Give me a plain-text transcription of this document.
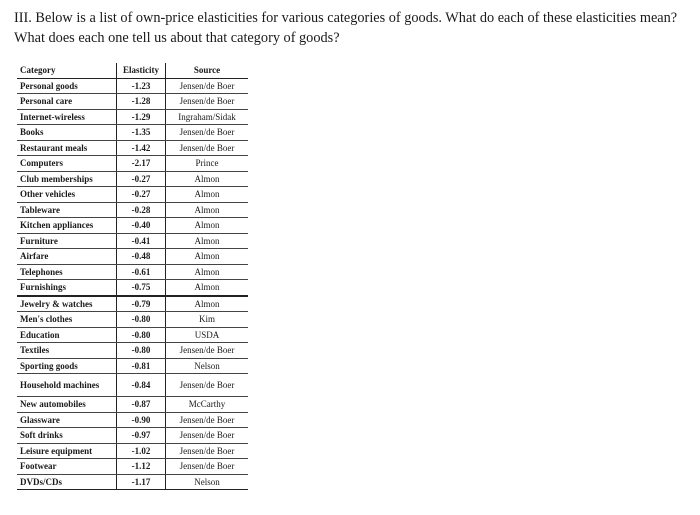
III. Below is a list of own-price elasticities for various categories of goods. What do each of these elasticities mean? What does each one tell us about that category of goods?

Category	Elasticity	Source
Personal goods	-1.23	Jensen/de Boer
Personal care	-1.28	Jensen/de Boer
Internet-wireless	-1.29	Ingraham/Sidak
Books	-1.35	Jensen/de Boer
Restaurant meals	-1.42	Jensen/de Boer
Computers	-2.17	Prince
Club memberships	-0.27	Almon
Other vehicles	-0.27	Almon
Tableware	-0.28	Almon
Kitchen appliances	-0.40	Almon
Furniture	-0.41	Almon
Airfare	-0.48	Almon
Telephones	-0.61	Almon
Furnishings	-0.75	Almon
Jewelry & watches	-0.79	Almon
Men's clothes	-0.80	Kim
Education	-0.80	USDA
Textiles	-0.80	Jensen/de Boer
Sporting goods	-0.81	Nelson
Household machines	-0.84	Jensen/de Boer
New automobiles	-0.87	McCarthy
Glassware	-0.90	Jensen/de Boer
Soft drinks	-0.97	Jensen/de Boer
Leisure equipment	-1.02	Jensen/de Boer
Footwear	-1.12	Jensen/de Boer
DVDs/CDs	-1.17	Nelson
